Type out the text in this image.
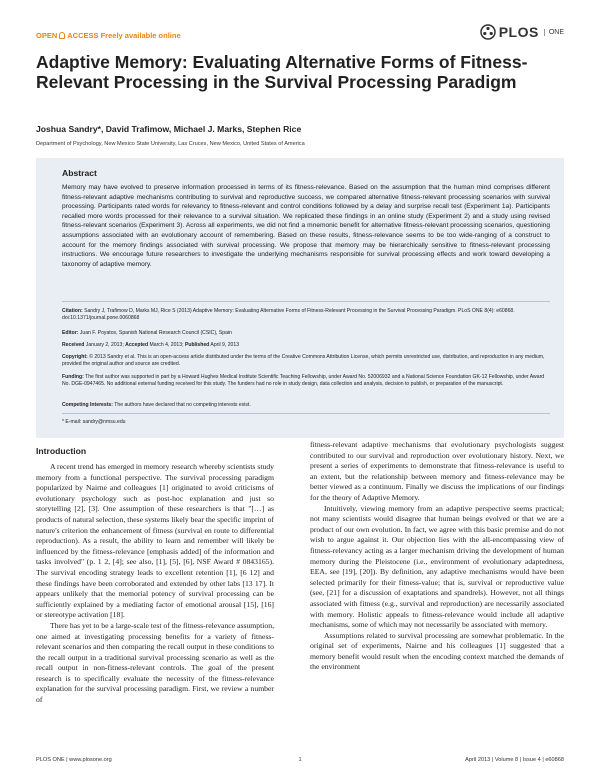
OPEN ACCESS Freely available online	PLOS	ONE
Adaptive Memory: Evaluating Alternative Forms of Fitness-Relevant Processing in the Survival Processing Paradigm
Joshua Sandry*, David Trafimow, Michael J. Marks, Stephen Rice
Department of Psychology, New Mexico State University, Las Cruces, New Mexico, United States of America
Abstract
Memory may have evolved to preserve information processed in terms of its fitness-relevance. Based on the assumption that the human mind comprises different fitness-relevant adaptive mechanisms contributing to survival and reproductive success, we compared alternative fitness-relevant processing scenarios with survival processing. Participants rated words for relevancy to fitness-relevant and control conditions followed by a delay and surprise recall test (Experiment 1a). Participants recalled more words processed for their relevance to a survival situation. We replicated these findings in an online study (Experiment 2) and a study using revised fitness-relevant scenarios (Experiment 3). Across all experiments, we did not find a mnemonic benefit for alternative fitness-relevant processing scenarios, questioning assumptions associated with an evolutionary account of remembering. Based on these results, fitness-relevance seems to be too wide-ranging of a construct to account for the memory findings associated with survival processing. We propose that memory may be hierarchically sensitive to fitness-relevant processing instructions. We encourage future researchers to investigate the underlying mechanisms responsible for survival processing effects and work toward developing a taxonomy of adaptive memory.
Citation: Sandry J, Trafimow D, Marks MJ, Rice S (2013) Adaptive Memory: Evaluating Alternative Forms of Fitness-Relevant Processing in the Survival Processing Paradigm. PLoS ONE 8(4): e60868. doi:10.1371/journal.pone.0060868
Editor: Juan F. Poyatos, Spanish National Research Council (CSIC), Spain
Received January 2, 2013; Accepted March 4, 2013; Published April 9, 2013
Copyright: © 2013 Sandry et al. This is an open-access article distributed under the terms of the Creative Commons Attribution License, which permits unrestricted use, distribution, and reproduction in any medium, provided the original author and source are credited.
Funding: The first author was supported in part by a Howard Hughes Medical Institute Scientific Teaching Fellowship, under Award No. 52006932 and a National Science Foundation GK-12 Fellowship, under Award No. DGE-0947465. No additional external funding received for this study. The funders had no role in study design, data collection and analysis, decision to publish, or preparation of the manuscript.
Competing Interests: The authors have declared that no competing interests exist.
* E-mail: sandry@nmsu.edu
Introduction

A recent trend has emerged in memory research whereby scientists study memory from a functional perspective. The survival processing paradigm popularized by Nairne and colleagues [1] originated to avoid criticisms of evolutionary psychology such as post-hoc explanation and just so storytelling [2], [3]. One assumption of these researchers is that "[…] as products of natural selection, these systems likely bear the specific imprint of nature's criterion the enhancement of fitness (survival en route to differential reproduction). As a result, the ability to learn and remember will likely be influenced by the fitness-relevance [emphasis added] of the information and tasks involved" (p. 1 2, [4]; see also, [1], [5], [6], NSF Award # 0843165). The survival encoding strategy leads to excellent retention [1], [6 12] and these findings have been corroborated and extended by other labs [13 17]. It appears unlikely that the memorial potency of survival processing can be sufficiently explained by a mediating factor of emotional arousal [15], [16] or stereotype activation [18].

There has yet to be a large-scale test of the fitness-relevance assumption, one aimed at investigating processing benefits for a variety of fitness-relevant scenarios and then comparing the recall output in these conditions to the recall output in a traditional survival processing scenario as well as the recall output in non-fitness-relevant controls. The goal of the present research is to specifically evaluate the necessity of the fitness-relevance explanation for the survival processing paradigm. First, we review a number of

fitness-relevant adaptive mechanisms that evolutionary psychologists suggest contributed to our survival and reproduction over evolutionary history. Next, we present a series of experiments to demonstrate that fitness-relevance is useful to an extent, but the relationship between memory and fitness-relevance may be better viewed as a continuum. Finally we discuss the implications of our findings for the theory of Adaptive Memory.

Intuitively, viewing memory from an adaptive perspective seems practical; not many scientists would disagree that human beings evolved or that we are a product of our own evolution. In fact, we agree with this basic premise and do not wish to argue against it. Our objection lies with the all-encompassing view of fitness-relevancy acting as a larger mechanism driving the development of human memory during the Pleistocene (i.e., environment of evolutionary adaptedness, EEA, see [19], [20]). By definition, any adaptive mechanisms would have been selected primarily for their fitness-value; that is, survival or reproductive value (see, [21] for a discussion of exaptations and spandrels). However, not all things associated with fitness (e.g., survival and reproduction) are necessarily associated with memory. Holistic appeals to fitness-relevance would include all adaptive mechanisms, some of which may not necessarily be associated with memory.

Assumptions related to survival processing are somewhat problematic. In the original set of experiments, Nairne and his colleagues [1] suggested that a memory benefit would result when the encoding context matched the demands of the environment

PLOS ONE | www.plosone.org	1	April 2013 | Volume 8 | Issue 4 | e60868
